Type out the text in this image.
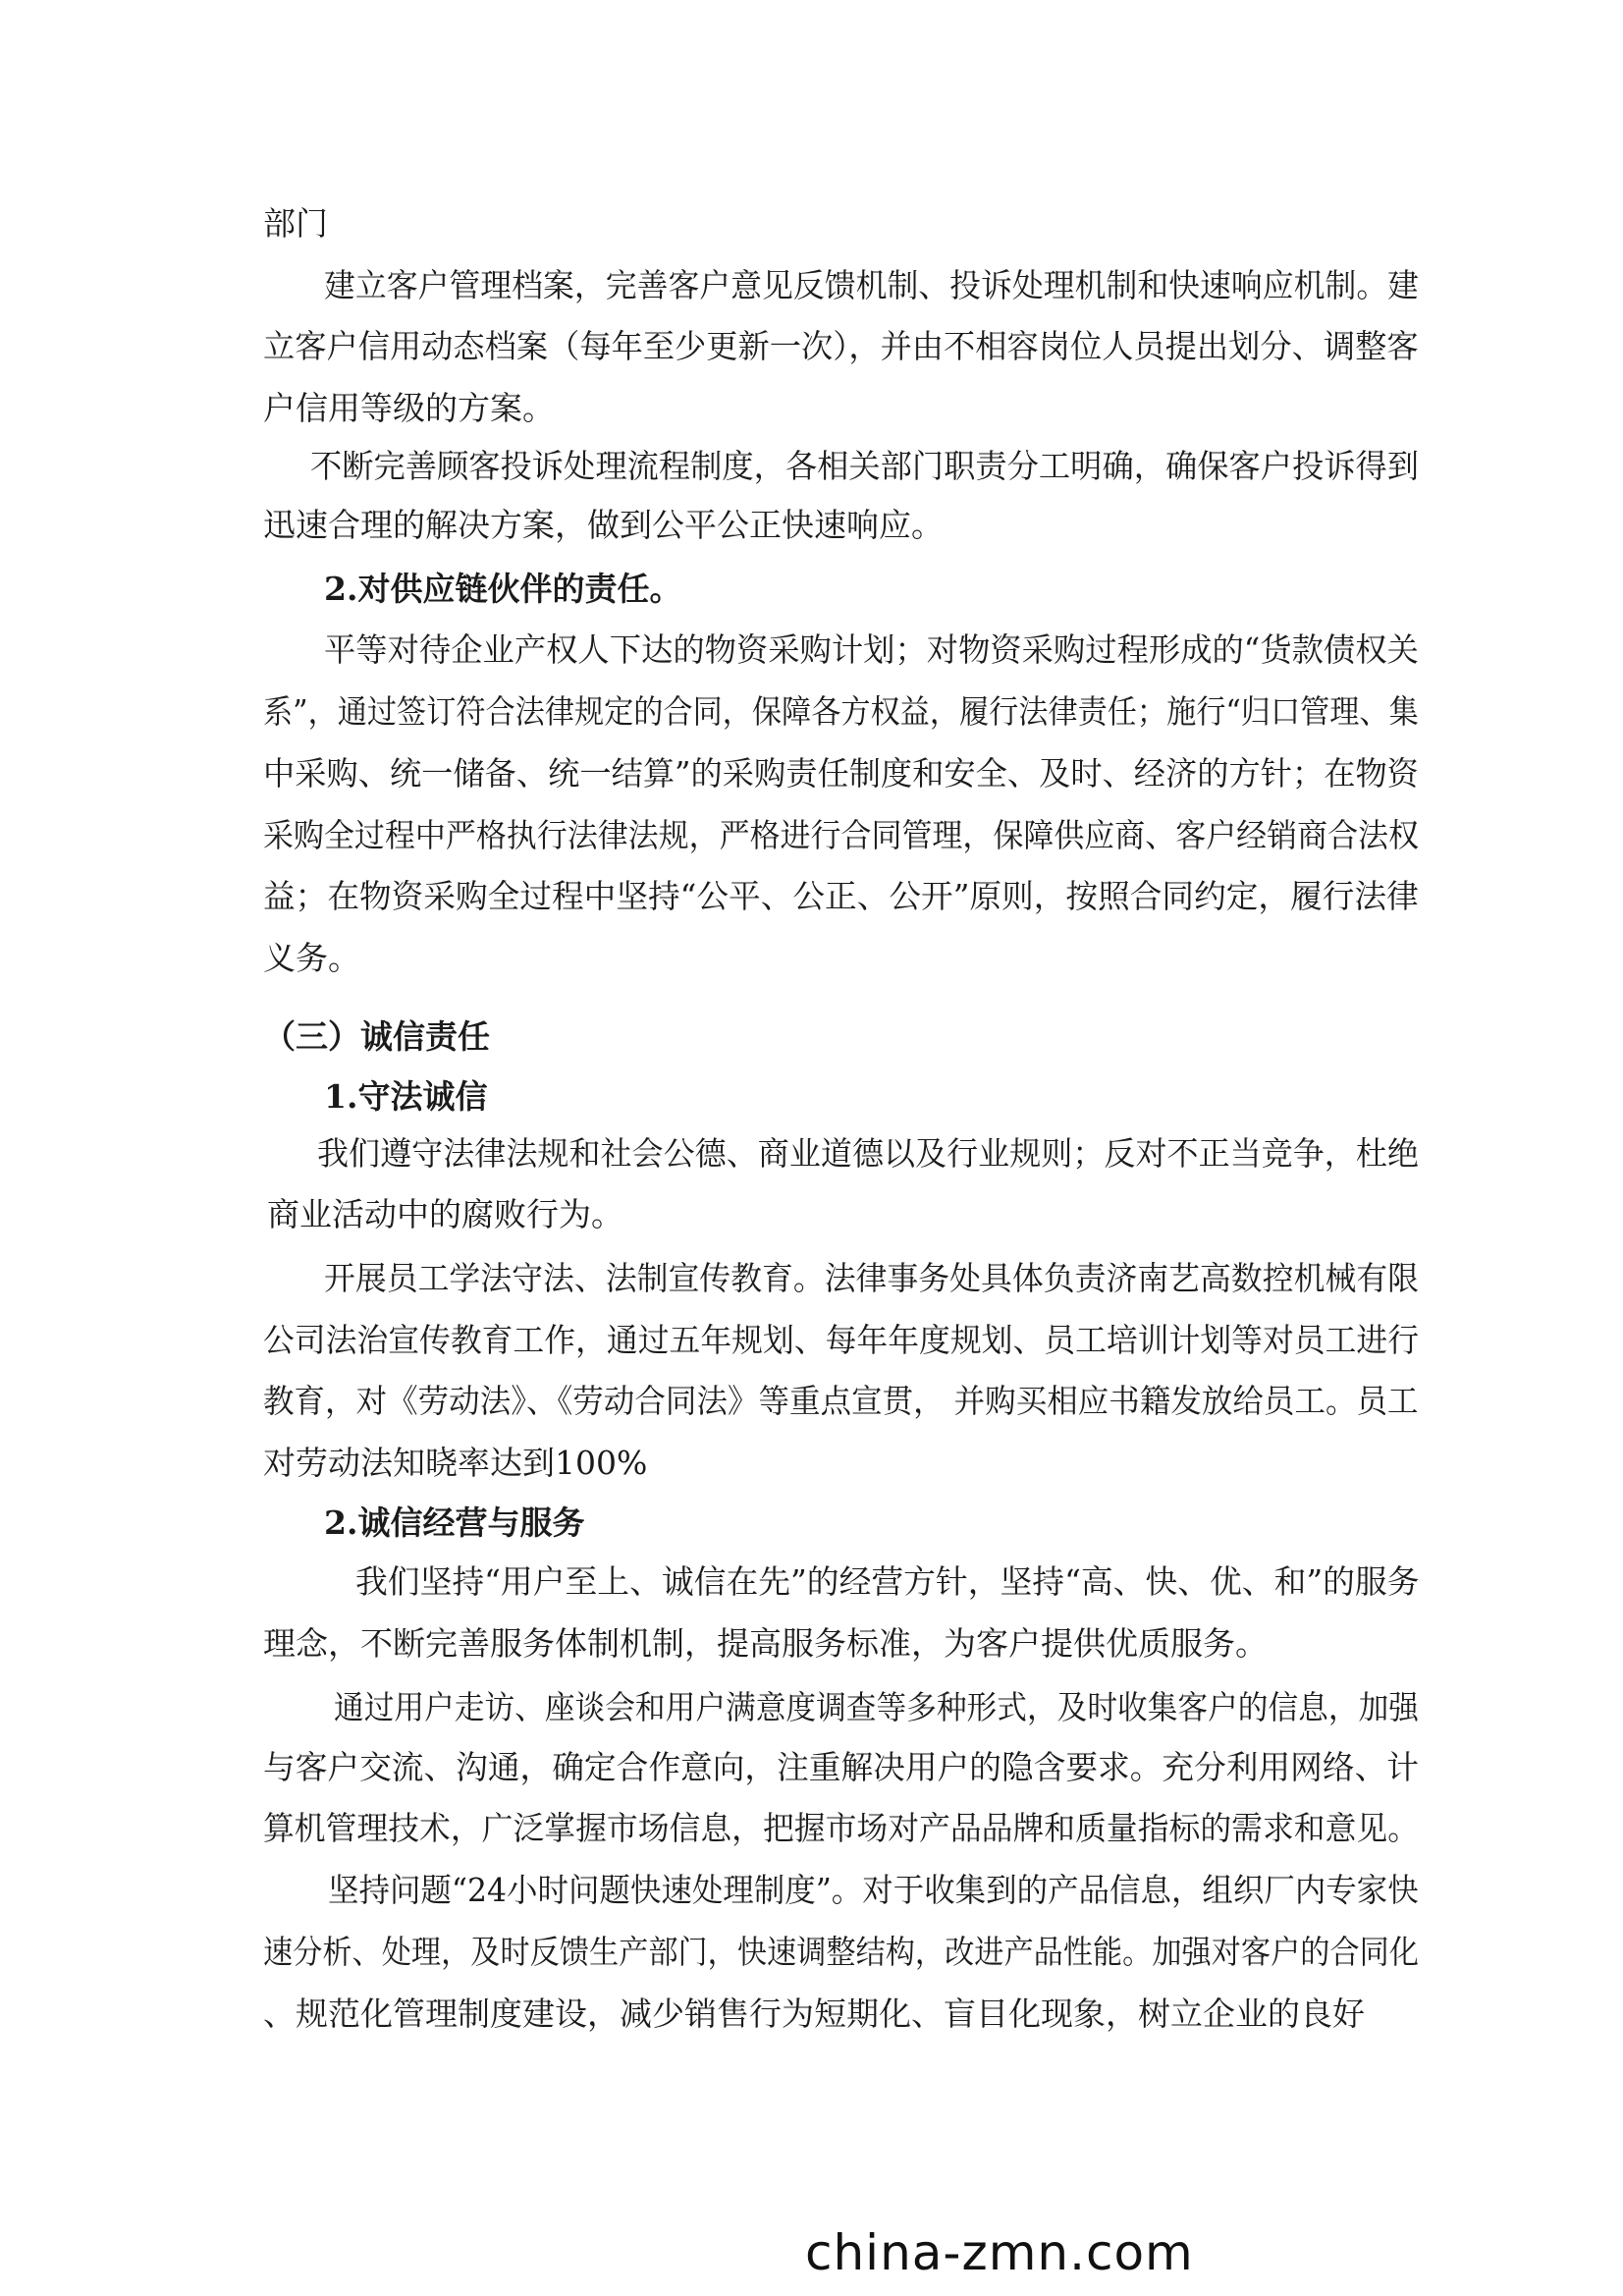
部门
建立客户管理档案，完善客户意见反馈机制、投诉处理机制和快速响应机制。建
立客户信用动态档案（每年至少更新一次），并由不相容岗位人员提出划分、调整客
户信用等级的方案。
不断完善顾客投诉处理流程制度，各相关部门职责分工明确，确保客户投诉得到
迅速合理的解决方案，做到公平公正快速响应。
2.对供应链伙伴的责任。
平等对待企业产权人下达的物资采购计划；对物资采购过程形成的“货款债权关
系”，通过签订符合法律规定的合同，保障各方权益，履行法律责任；施行“归口管理、集
中采购、统一储备、统一结算”的采购责任制度和安全、及时、经济的方针；在物资
采购全过程中严格执行法律法规，严格进行合同管理，保障供应商、客户经销商合法权
益；在物资采购全过程中坚持“公平、公正、公开”原则，按照合同约定，履行法律
义务。
（三）诚信责任
1.守法诚信
我们遵守法律法规和社会公德、商业道德以及行业规则；反对不正当竞争，杜绝
商业活动中的腐败行为。
开展员工学法守法、法制宣传教育。法律事务处具体负责济南艺高数控机械有限
公司法治宣传教育工作，通过五年规划、每年年度规划、员工培训计划等对员工进行
教育，对《劳动法》、《劳动合同法》等重点宣贯， 并购买相应书籍发放给员工。员工
对劳动法知晓率达到100%
2.诚信经营与服务
我们坚持“用户至上、诚信在先”的经营方针，坚持“高、快、优、和”的服务
理念，不断完善服务体制机制，提高服务标准，为客户提供优质服务。
通过用户走访、座谈会和用户满意度调查等多种形式，及时收集客户的信息，加强
与客户交流、沟通，确定合作意向，注重解决用户的隐含要求。充分利用网络、计
算机管理技术，广泛掌握市场信息，把握市场对产品品牌和质量指标的需求和意见。
坚持问题“24小时问题快速处理制度”。对于收集到的产品信息，组织厂内专家快
速分析、处理，及时反馈生产部门，快速调整结构，改进产品性能。加强对客户的合同化
、规范化管理制度建设，减少销售行为短期化、盲目化现象，树立企业的良好
china-zmn.com
